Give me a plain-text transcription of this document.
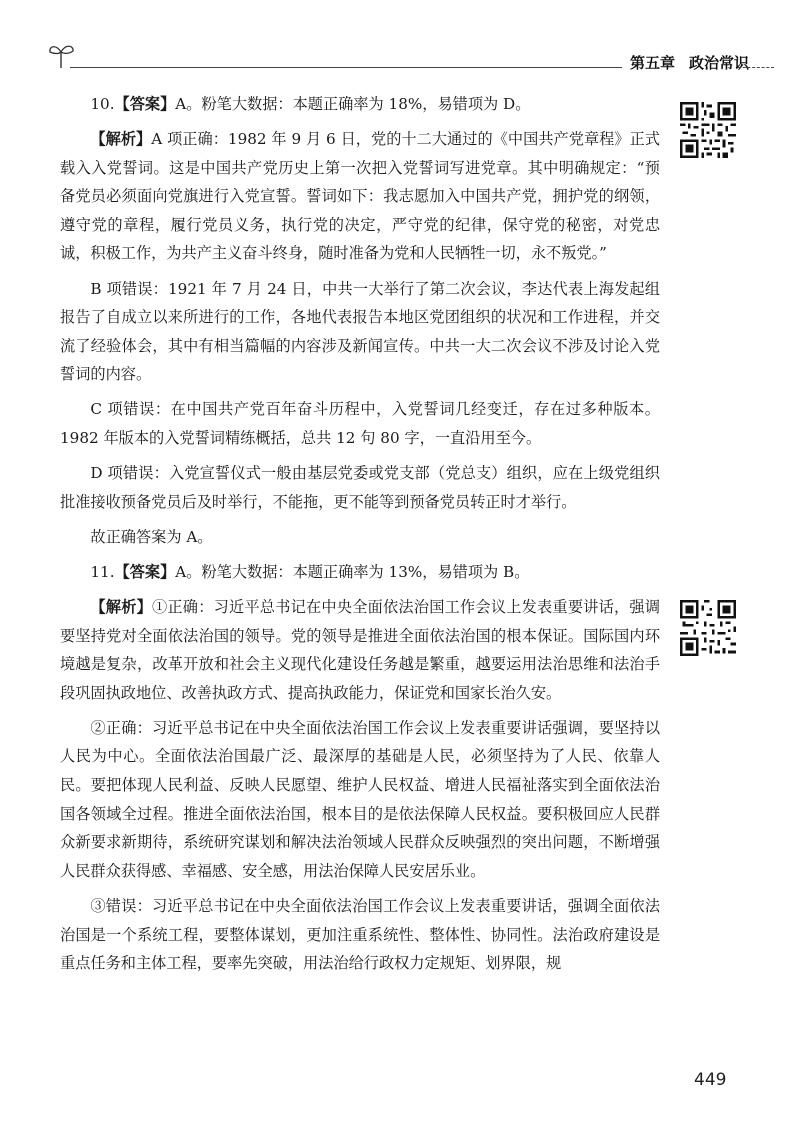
第五章 政治常识

10.【答案】A。粉笔大数据：本题正确率为 18%，易错项为 D。

【解析】A 项正确：1982 年 9 月 6 日，党的十二大通过的《中国共产党章程》正式载入入党誓词。这是中国共产党历史上第一次把入党誓词写进党章。其中明确规定：“预备党员必须面向党旗进行入党宣誓。誓词如下：我志愿加入中国共产党，拥护党的纲领，遵守党的章程，履行党员义务，执行党的决定，严守党的纪律，保守党的秘密，对党忠诚，积极工作，为共产主义奋斗终身，随时准备为党和人民牺牲一切，永不叛党。”

B 项错误：1921 年 7 月 24 日，中共一大举行了第二次会议，李达代表上海发起组报告了自成立以来所进行的工作，各地代表报告本地区党团组织的状况和工作进程，并交流了经验体会，其中有相当篇幅的内容涉及新闻宣传。中共一大二次会议不涉及讨论入党誓词的内容。

C 项错误：在中国共产党百年奋斗历程中，入党誓词几经变迁，存在过多种版本。1982 年版本的入党誓词精练概括，总共 12 句 80 字，一直沿用至今。

D 项错误：入党宣誓仪式一般由基层党委或党支部（党总支）组织，应在上级党组织批准接收预备党员后及时举行，不能拖，更不能等到预备党员转正时才举行。

故正确答案为 A。

11.【答案】A。粉笔大数据：本题正确率为 13%，易错项为 B。

【解析】①正确：习近平总书记在中央全面依法治国工作会议上发表重要讲话，强调要坚持党对全面依法治国的领导。党的领导是推进全面依法治国的根本保证。国际国内环境越是复杂，改革开放和社会主义现代化建设任务越是繁重，越要运用法治思维和法治手段巩固执政地位、改善执政方式、提高执政能力，保证党和国家长治久安。

②正确：习近平总书记在中央全面依法治国工作会议上发表重要讲话强调，要坚持以人民为中心。全面依法治国最广泛、最深厚的基础是人民，必须坚持为了人民、依靠人民。要把体现人民利益、反映人民愿望、维护人民权益、增进人民福祉落实到全面依法治国各领域全过程。推进全面依法治国，根本目的是依法保障人民权益。要积极回应人民群众新要求新期待，系统研究谋划和解决法治领域人民群众反映强烈的突出问题，不断增强人民群众获得感、幸福感、安全感，用法治保障人民安居乐业。

③错误：习近平总书记在中央全面依法治国工作会议上发表重要讲话，强调全面依法治国是一个系统工程，要整体谋划，更加注重系统性、整体性、协同性。法治政府建设是重点任务和主体工程，要率先突破，用法治给行政权力定规矩、划界限，规

449
